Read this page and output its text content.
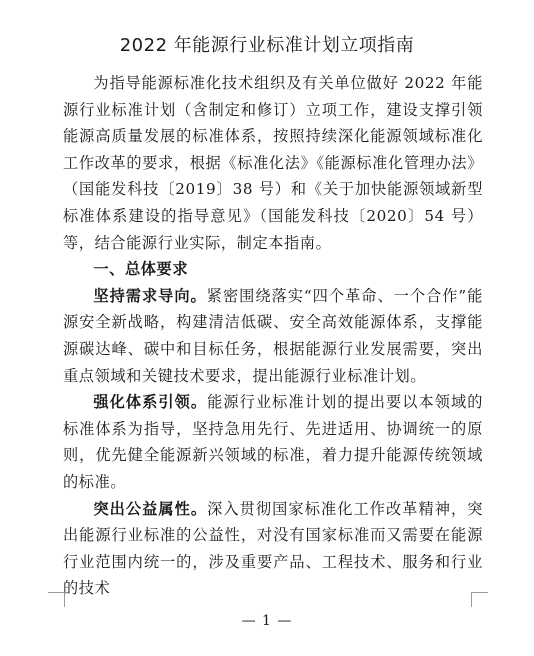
2022 年能源行业标准计划立项指南

为指导能源标准化技术组织及有关单位做好 2022 年能源行业标准计划（含制定和修订）立项工作，建设支撑引领能源高质量发展的标准体系，按照持续深化能源领域标准化工作改革的要求，根据《标准化法》《能源标准化管理办法》（国能发科技〔2019〕38 号）和《关于加快能源领域新型标准体系建设的指导意见》（国能发科技〔2020〕54 号）等，结合能源行业实际，制定本指南。

一、总体要求

坚持需求导向。紧密围绕落实“四个革命、一个合作”能源安全新战略，构建清洁低碳、安全高效能源体系，支撑能源碳达峰、碳中和目标任务，根据能源行业发展需要，突出重点领域和关键技术要求，提出能源行业标准计划。

强化体系引领。能源行业标准计划的提出要以本领域的标准体系为指导，坚持急用先行、先进适用、协调统一的原则，优先健全能源新兴领域的标准，着力提升能源传统领域的标准。

突出公益属性。深入贯彻国家标准化工作改革精神，突出能源行业标准的公益性，对没有国家标准而又需要在能源行业范围内统一的，涉及重要产品、工程技术、服务和行业的技术

— 1 —
